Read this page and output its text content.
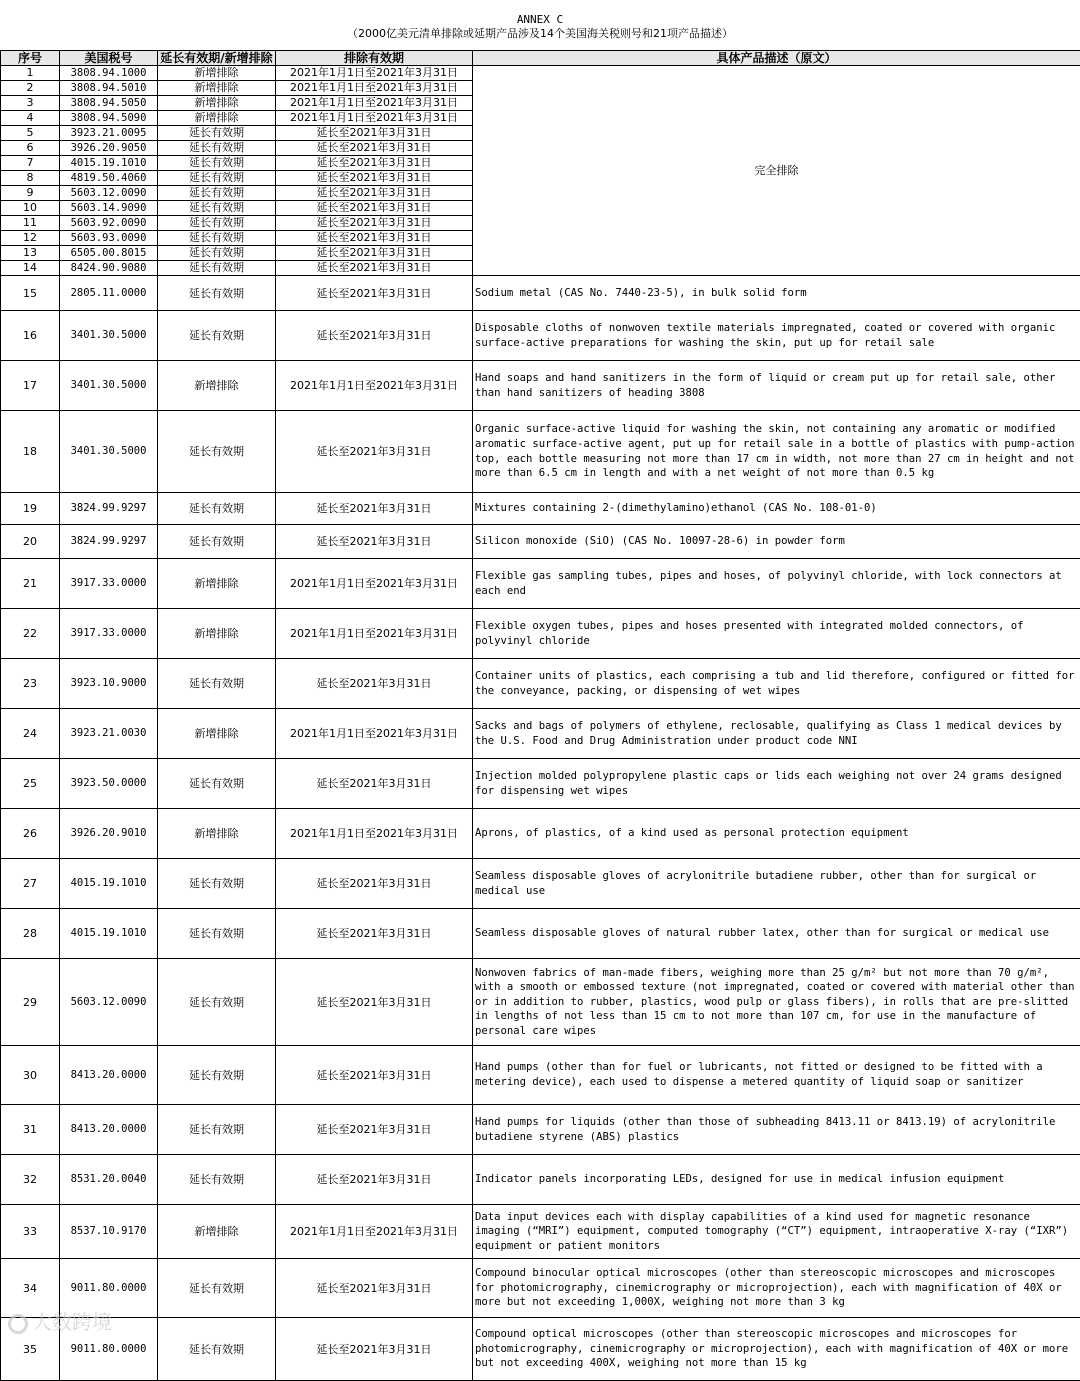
ANNEX C
（2000亿美元清单排除或延期产品涉及14个美国海关税则号和21项产品描述）
序号	美国税号	延长有效期/新增排除	排除有效期	具体产品描述（原文）
1	3808.94.1000	新增排除	2021年1月1日至2021年3月31日	完全排除
2	3808.94.5010	新增排除	2021年1月1日至2021年3月31日	
3	3808.94.5050	新增排除	2021年1月1日至2021年3月31日	
4	3808.94.5090	新增排除	2021年1月1日至2021年3月31日	
5	3923.21.0095	延长有效期	延长至2021年3月31日	
6	3926.20.9050	延长有效期	延长至2021年3月31日	
7	4015.19.1010	延长有效期	延长至2021年3月31日	
8	4819.50.4060	延长有效期	延长至2021年3月31日	
9	5603.12.0090	延长有效期	延长至2021年3月31日	
10	5603.14.9090	延长有效期	延长至2021年3月31日	
11	5603.92.0090	延长有效期	延长至2021年3月31日	
12	5603.93.0090	延长有效期	延长至2021年3月31日	
13	6505.00.8015	延长有效期	延长至2021年3月31日	
14	8424.90.9080	延长有效期	延长至2021年3月31日	
15	2805.11.0000	延长有效期	延长至2021年3月31日	Sodium metal (CAS No. 7440-23-5), in bulk solid form
16	3401.30.5000	延长有效期	延长至2021年3月31日	Disposable cloths of nonwoven textile materials impregnated, coated or covered with organic surface-active preparations for washing the skin, put up for retail sale
17	3401.30.5000	新增排除	2021年1月1日至2021年3月31日	Hand soaps and hand sanitizers in the form of liquid or cream put up for retail sale, other than hand sanitizers of heading 3808
18	3401.30.5000	延长有效期	延长至2021年3月31日	Organic surface-active liquid for washing the skin, not containing any aromatic or modified aromatic surface-active agent, put up for retail sale in a bottle of plastics with pump-action top, each bottle measuring not more than 17 cm in width, not more than 27 cm in height and not more than 6.5 cm in length and with a net weight of not more than 0.5 kg
19	3824.99.9297	延长有效期	延长至2021年3月31日	Mixtures containing 2-(dimethylamino)ethanol (CAS No. 108-01-0)
20	3824.99.9297	延长有效期	延长至2021年3月31日	Silicon monoxide (SiO) (CAS No. 10097-28-6) in powder form
21	3917.33.0000	新增排除	2021年1月1日至2021年3月31日	Flexible gas sampling tubes, pipes and hoses, of polyvinyl chloride, with lock connectors at each end
22	3917.33.0000	新增排除	2021年1月1日至2021年3月31日	Flexible oxygen tubes, pipes and hoses presented with integrated molded connectors, of polyvinyl chloride
23	3923.10.9000	延长有效期	延长至2021年3月31日	Container units of plastics, each comprising a tub and lid therefore, configured or fitted for the conveyance, packing, or dispensing of wet wipes
24	3923.21.0030	新增排除	2021年1月1日至2021年3月31日	Sacks and bags of polymers of ethylene, reclosable, qualifying as Class 1 medical devices by the U.S. Food and Drug Administration under product code NNI
25	3923.50.0000	延长有效期	延长至2021年3月31日	Injection molded polypropylene plastic caps or lids each weighing not over 24 grams designed for dispensing wet wipes
26	3926.20.9010	新增排除	2021年1月1日至2021年3月31日	Aprons, of plastics, of a kind used as personal protection equipment
27	4015.19.1010	延长有效期	延长至2021年3月31日	Seamless disposable gloves of acrylonitrile butadiene rubber, other than for surgical or medical use
28	4015.19.1010	延长有效期	延长至2021年3月31日	Seamless disposable gloves of natural rubber latex, other than for surgical or medical use
29	5603.12.0090	延长有效期	延长至2021年3月31日	Nonwoven fabrics of man-made fibers, weighing more than 25 g/m² but not more than 70 g/m², with a smooth or embossed texture (not impregnated, coated or covered with material other than or in addition to rubber, plastics, wood pulp or glass fibers), in rolls that are pre-slitted in lengths of not less than 15 cm to not more than 107 cm, for use in the manufacture of personal care wipes
30	8413.20.0000	延长有效期	延长至2021年3月31日	Hand pumps (other than for fuel or lubricants, not fitted or designed to be fitted with a metering device), each used to dispense a metered quantity of liquid soap or sanitizer
31	8413.20.0000	延长有效期	延长至2021年3月31日	Hand pumps for liquids (other than those of subheading 8413.11 or 8413.19) of acrylonitrile butadiene styrene (ABS) plastics
32	8531.20.0040	延长有效期	延长至2021年3月31日	Indicator panels incorporating LEDs, designed for use in medical infusion equipment
33	8537.10.9170	新增排除	2021年1月1日至2021年3月31日	Data input devices each with display capabilities of a kind used for magnetic resonance imaging (“MRI”) equipment, computed tomography (“CT”) equipment, intraoperative X-ray (“IXR”) equipment or patient monitors
34	9011.80.0000	延长有效期	延长至2021年3月31日	Compound binocular optical microscopes (other than stereoscopic microscopes and microscopes for photomicrography, cinemicrography or microprojection), each with magnification of 40X or more but not exceeding 1,000X, weighing not more than 3 kg
35	9011.80.0000	延长有效期	延长至2021年3月31日	Compound optical microscopes (other than stereoscopic microscopes and microscopes for photomicrography, cinemicrography or microprojection), each with magnification of 40X or more but not exceeding 400X, weighing not more than 15 kg
大数跨境
